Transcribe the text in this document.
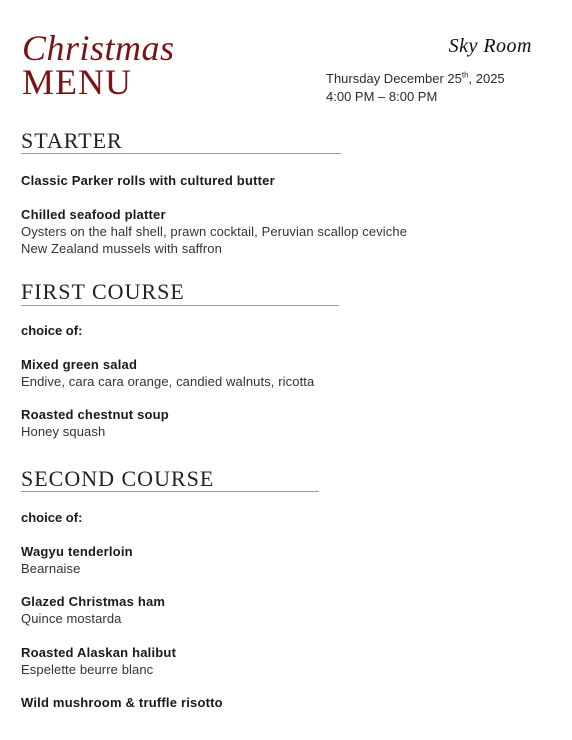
Christmas
MENU
Sky Room
Thursday December 25th, 2025
4:00 PM – 8:00 PM
STARTER
Classic Parker rolls with cultured butter
Chilled seafood platter
Oysters on the half shell, prawn cocktail, Peruvian scallop ceviche
New Zealand mussels with saffron
FIRST COURSE
choice of:
Mixed green salad
Endive, cara cara orange, candied walnuts, ricotta
Roasted chestnut soup
Honey squash
SECOND COURSE
choice of:
Wagyu tenderloin
Bearnaise
Glazed Christmas ham
Quince mostarda
Roasted Alaskan halibut
Espelette beurre blanc
Wild mushroom & truffle risotto
